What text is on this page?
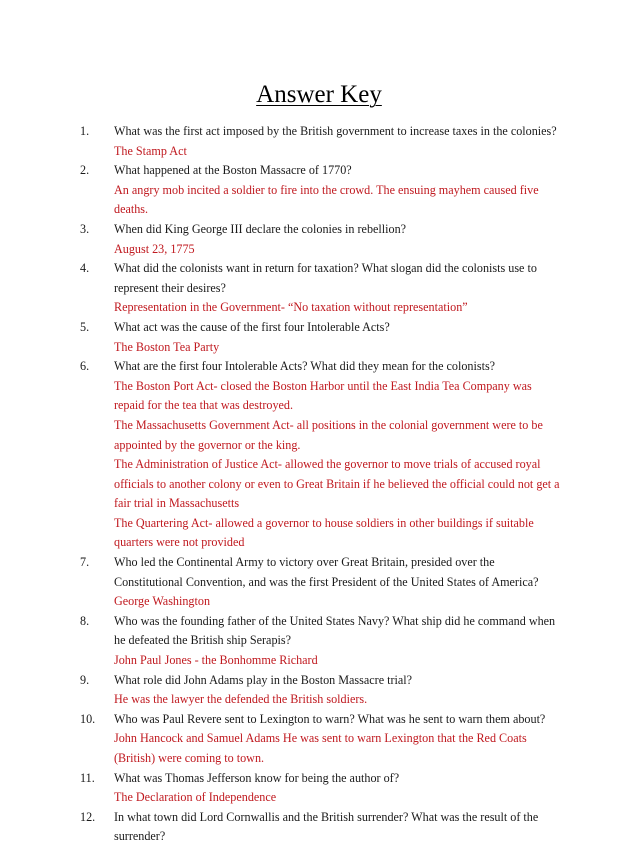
Answer Key
1.	What was the first act imposed by the British government to increase taxes in the colonies?
The Stamp Act
2.	What happened at the Boston Massacre of 1770?
An angry mob incited a soldier to fire into the crowd. The ensuing mayhem caused five deaths.
3.	When did King George III declare the colonies in rebellion?
August 23, 1775
4.	What did the colonists want in return for taxation? What slogan did the colonists use to represent their desires?
Representation in the Government- “No taxation without representation”
5.	What act was the cause of the first four Intolerable Acts?
The Boston Tea Party
6.	What are the first four Intolerable Acts? What did they mean for the colonists?
The Boston Port Act- closed the Boston Harbor until the East India Tea Company was repaid for the tea that was destroyed.
The Massachusetts Government Act- all positions in the colonial government were to be appointed by the governor or the king.
The Administration of Justice Act- allowed the governor to move trials of accused royal officials to another colony or even to Great Britain if he believed the official could not get a fair trial in Massachusetts
The Quartering Act- allowed a governor to house soldiers in other buildings if suitable quarters were not provided
7.	Who led the Continental Army to victory over Great Britain, presided over the Constitutional Convention, and was the first President of the United States of America?
George Washington
8.	Who was the founding father of the United States Navy? What ship did he command when he defeated the British ship Serapis?
John Paul Jones - the Bonhomme Richard
9.	What role did John Adams play in the Boston Massacre trial?
He was the lawyer the defended the British soldiers.
10.	Who was Paul Revere sent to Lexington to warn? What was he sent to warn them about?
John Hancock and Samuel Adams He was sent to warn Lexington that the Red Coats (British) were coming to town.
11.	What was Thomas Jefferson know for being the author of?
The Declaration of Independence
12.	In what town did Lord Cornwallis and the British surrender? What was the result of the surrender?
